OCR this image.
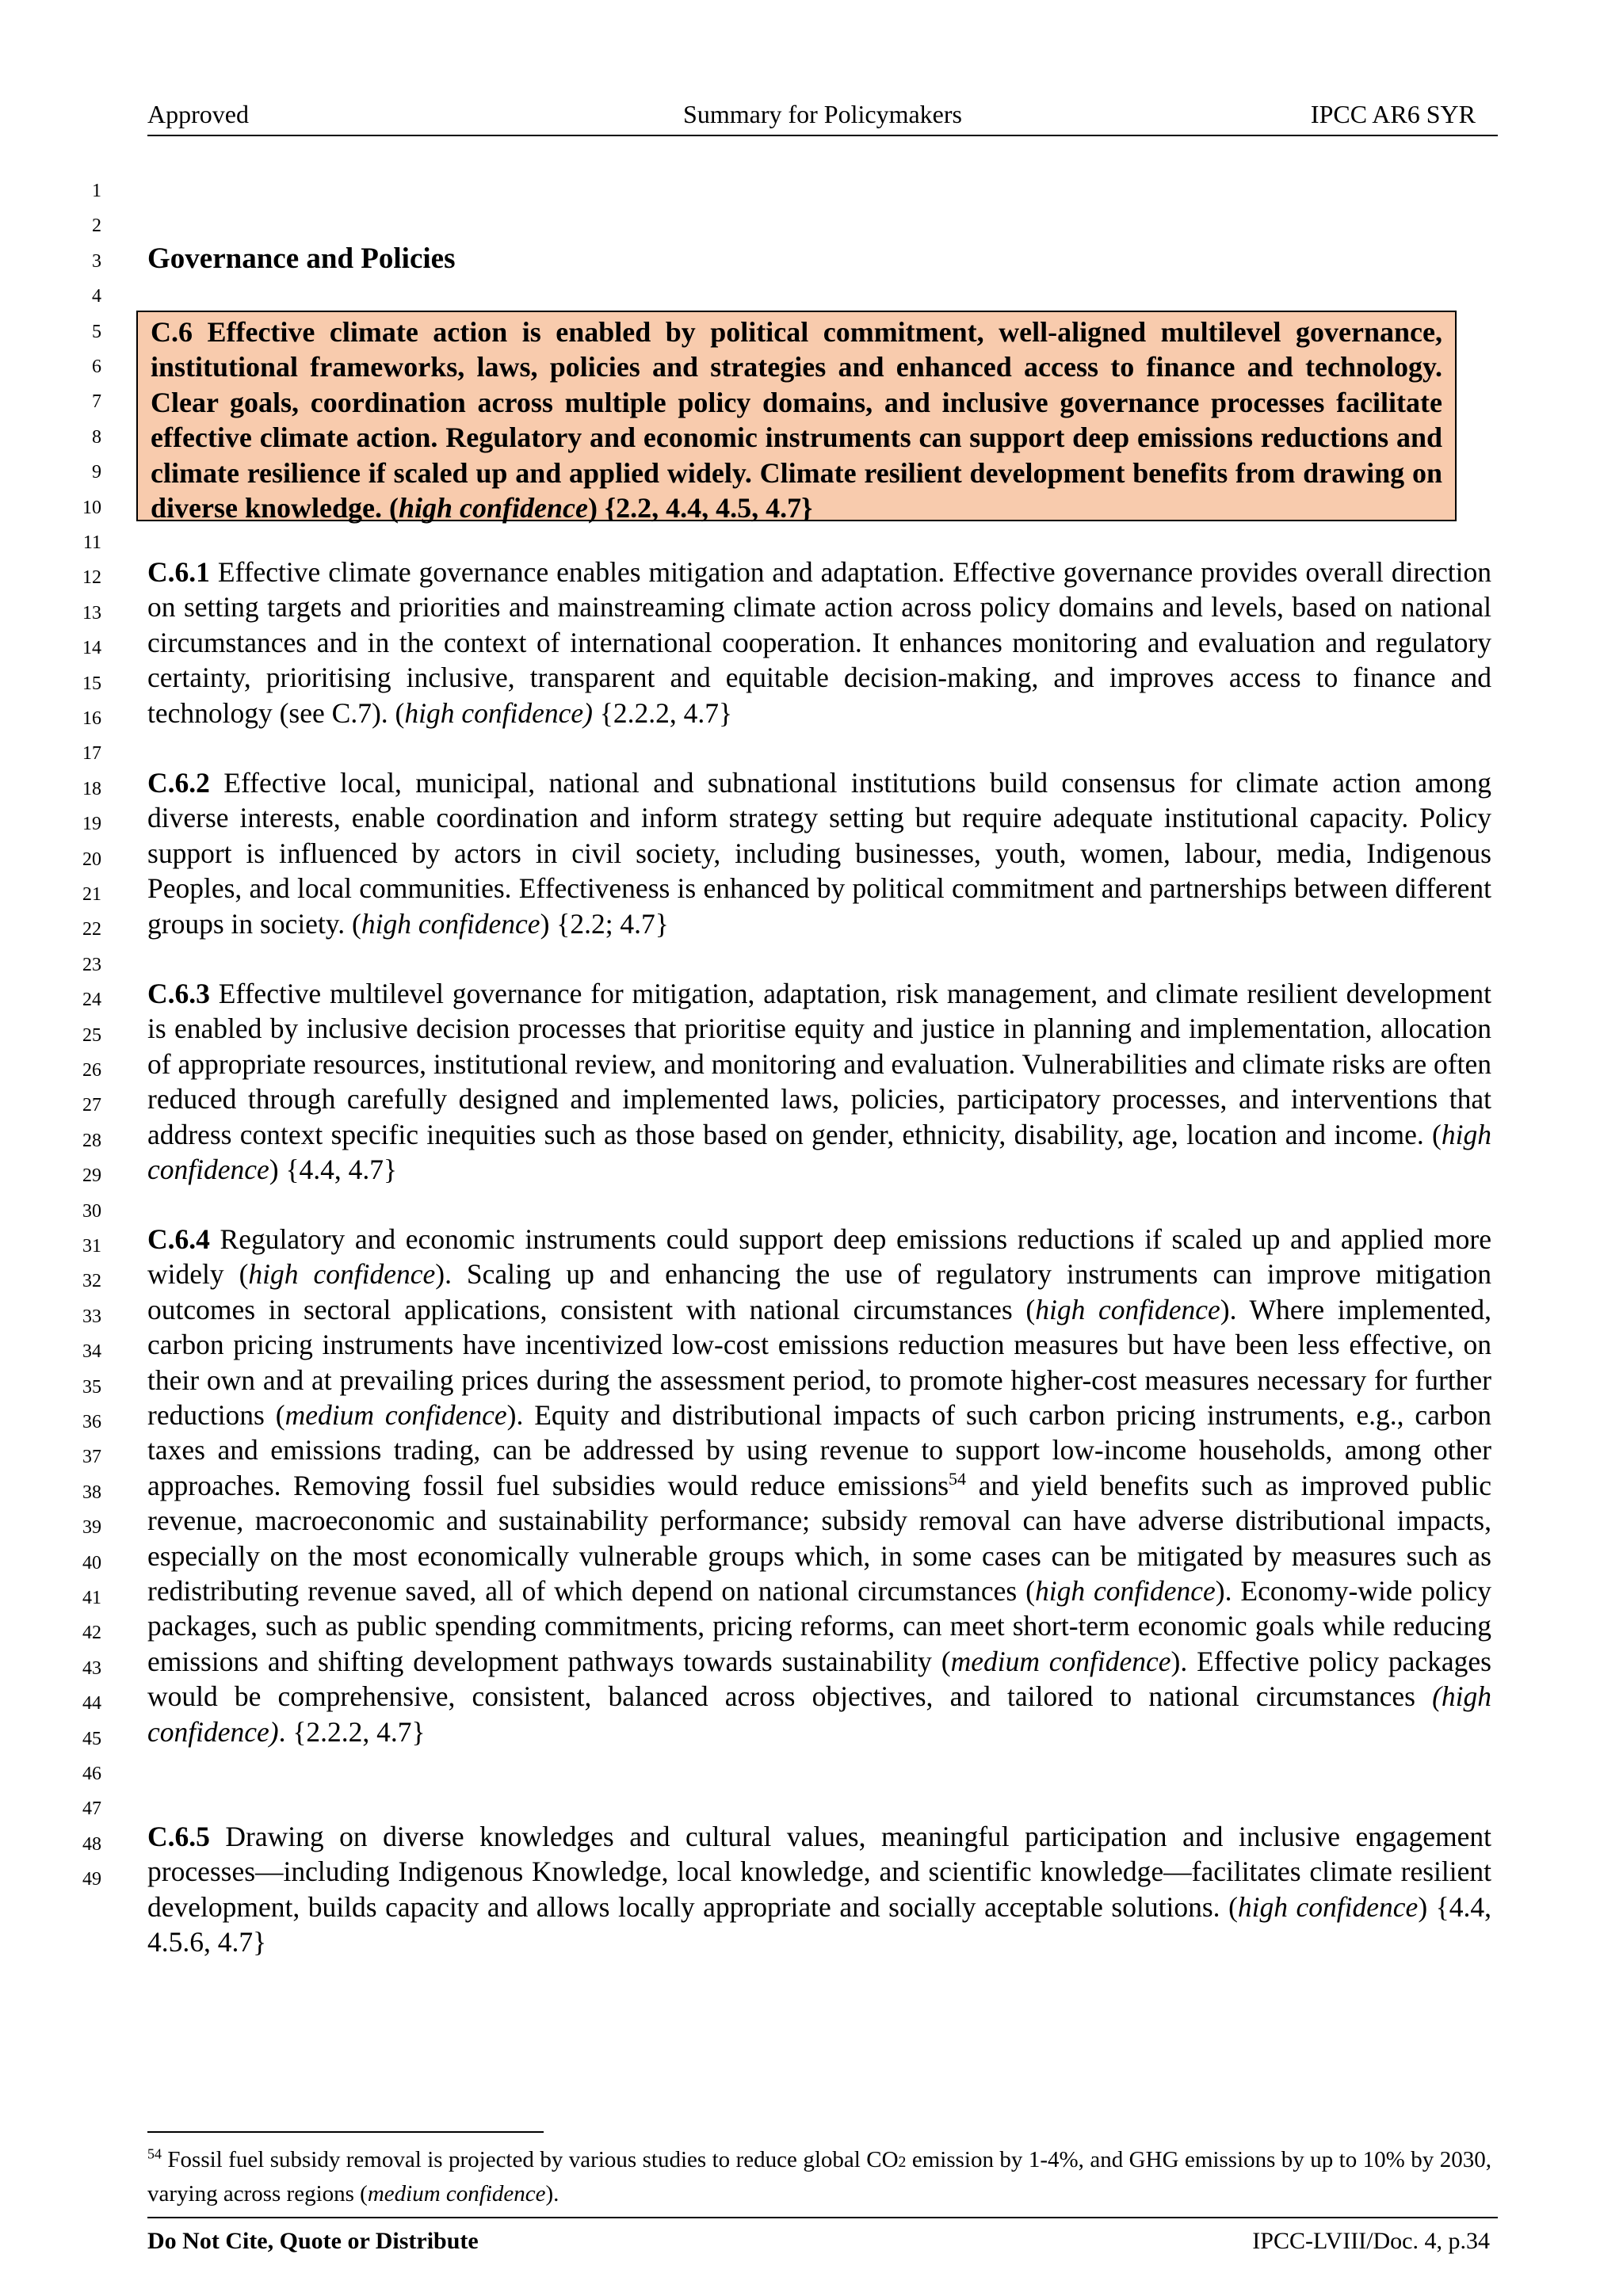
Approved	Summary for Policymakers	IPCC AR6 SYR
1
2
3
4
5
6
7
8
9
10
11
12
13
14
15
16
17
18
19
20
21
22
23
24
25
26
27
28
29
30
31
32
33
34
35
36
37
38
39
40
41
42
43
44
45
46
47
48
49
Governance and Policies

C.6 Effective climate action is enabled by political commitment, well-aligned multilevel governance, institutional frameworks, laws, policies and strategies and enhanced access to finance and technology. Clear goals, coordination across multiple policy domains, and inclusive governance processes facilitate effective climate action. Regulatory and economic instruments can support deep emissions reductions and climate resilience if scaled up and applied widely. Climate resilient development benefits from drawing on diverse knowledge. (high confidence) {2.2, 4.4, 4.5, 4.7}

C.6.1 Effective climate governance enables mitigation and adaptation. Effective governance provides overall direction on setting targets and priorities and mainstreaming climate action across policy domains and levels, based on national circumstances and in the context of international cooperation. It enhances monitoring and evaluation and regulatory certainty, prioritising inclusive, transparent and equitable decision-making, and improves access to finance and technology (see C.7). (high confidence) {2.2.2, 4.7}

C.6.2 Effective local, municipal, national and subnational institutions build consensus for climate action among diverse interests, enable coordination and inform strategy setting but require adequate institutional capacity. Policy support is influenced by actors in civil society, including businesses, youth, women, labour, media, Indigenous Peoples, and local communities. Effectiveness is enhanced by political commitment and partnerships between different groups in society. (high confidence) {2.2; 4.7}

C.6.3 Effective multilevel governance for mitigation, adaptation, risk management, and climate resilient development is enabled by inclusive decision processes that prioritise equity and justice in planning and implementation, allocation of appropriate resources, institutional review, and monitoring and evaluation. Vulnerabilities and climate risks are often reduced through carefully designed and implemented laws, policies, participatory processes, and interventions that address context specific inequities such as those based on gender, ethnicity, disability, age, location and income. (high confidence) {4.4, 4.7}

C.6.4 Regulatory and economic instruments could support deep emissions reductions if scaled up and applied more widely (high confidence). Scaling up and enhancing the use of regulatory instruments can improve mitigation outcomes in sectoral applications, consistent with national circumstances (high confidence). Where implemented, carbon pricing instruments have incentivized low-cost emissions reduction measures but have been less effective, on their own and at prevailing prices during the assessment period, to promote higher-cost measures necessary for further reductions (medium confidence). Equity and distributional impacts of such carbon pricing instruments, e.g., carbon taxes and emissions trading, can be addressed by using revenue to support low-income households, among other approaches. Removing fossil fuel subsidies would reduce emissions$^{54}$ and yield benefits such as improved public revenue, macroeconomic and sustainability performance; subsidy removal can have adverse distributional impacts, especially on the most economically vulnerable groups which, in some cases can be mitigated by measures such as redistributing revenue saved, all of which depend on national circumstances (high confidence). Economy-wide policy packages, such as public spending commitments, pricing reforms, can meet short-term economic goals while reducing emissions and shifting development pathways towards sustainability (medium confidence). Effective policy packages would be comprehensive, consistent, balanced across objectives, and tailored to national circumstances (high confidence). {2.2.2, 4.7}

C.6.5 Drawing on diverse knowledges and cultural values, meaningful participation and inclusive engagement processes—including Indigenous Knowledge, local knowledge, and scientific knowledge—facilitates climate resilient development, builds capacity and allows locally appropriate and socially acceptable solutions. (high confidence) {4.4, 4.5.6, 4.7}

$^{54}$ Fossil fuel subsidy removal is projected by various studies to reduce global CO2 emission by 1-4%, and GHG emissions by up to 10% by 2030, varying across regions (medium confidence).

Do Not Cite, Quote or Distribute	IPCC-LVIII/Doc. 4, p.34
